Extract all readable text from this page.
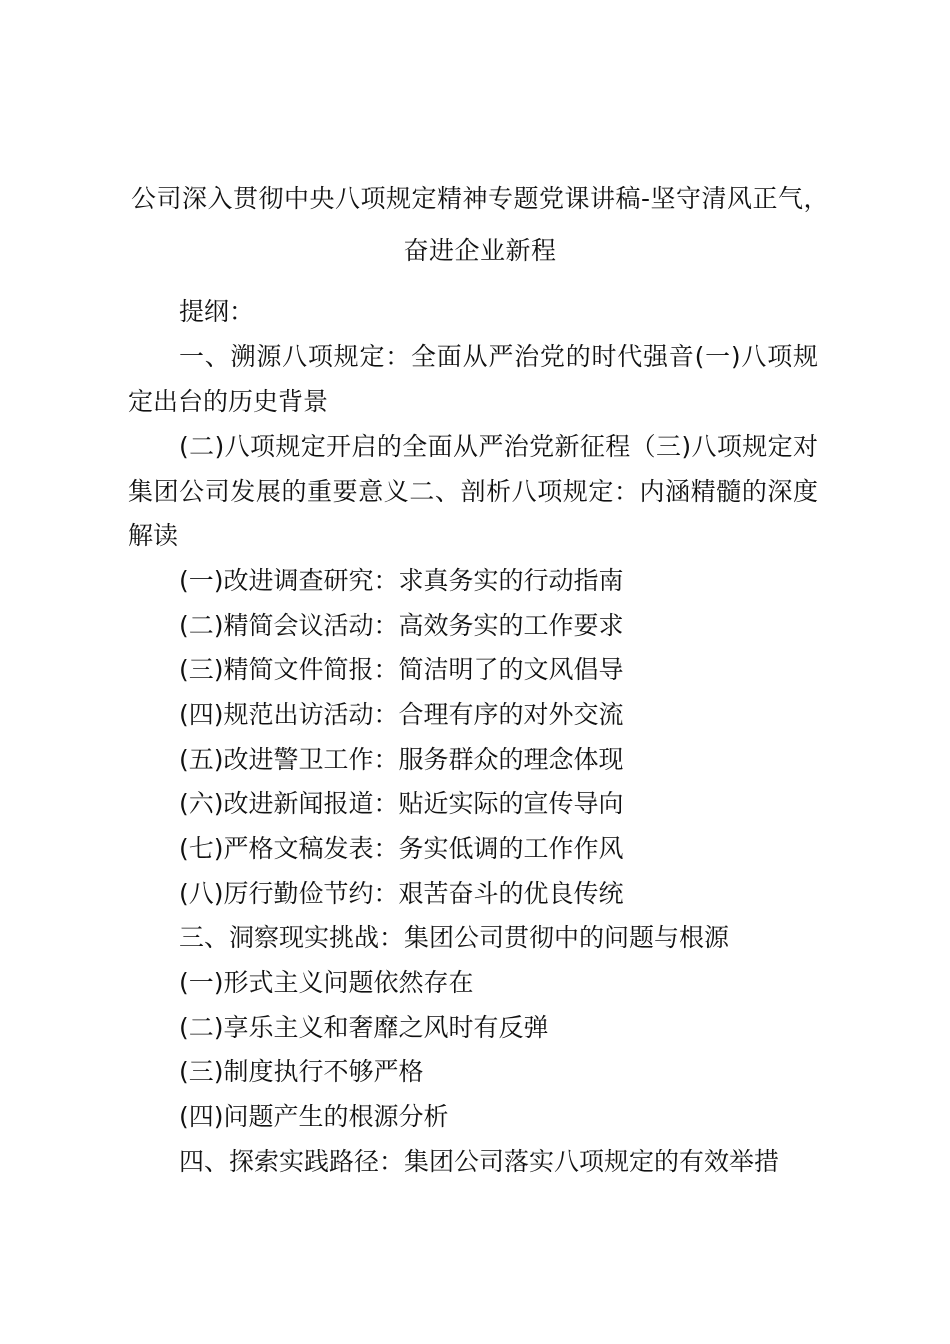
公司深入贯彻中央八项规定精神专题党课讲稿-坚守清风正气，
奋进企业新程
提纲：
一、溯源八项规定：全面从严治党的时代强音(一)八项规
定出台的历史背景
(二)八项规定开启的全面从严治党新征程（三)八项规定对
集团公司发展的重要意义二、剖析八项规定：内涵精髓的深度
解读
(一)改进调查研究：求真务实的行动指南
(二)精简会议活动：高效务实的工作要求
(三)精简文件简报：简洁明了的文风倡导
(四)规范出访活动：合理有序的对外交流
(五)改进警卫工作：服务群众的理念体现
(六)改进新闻报道：贴近实际的宣传导向
(七)严格文稿发表：务实低调的工作作风
(八)厉行勤俭节约：艰苦奋斗的优良传统
三、洞察现实挑战：集团公司贯彻中的问题与根源
(一)形式主义问题依然存在
(二)享乐主义和奢靡之风时有反弹
(三)制度执行不够严格
(四)问题产生的根源分析
四、探索实践路径：集团公司落实八项规定的有效举措
